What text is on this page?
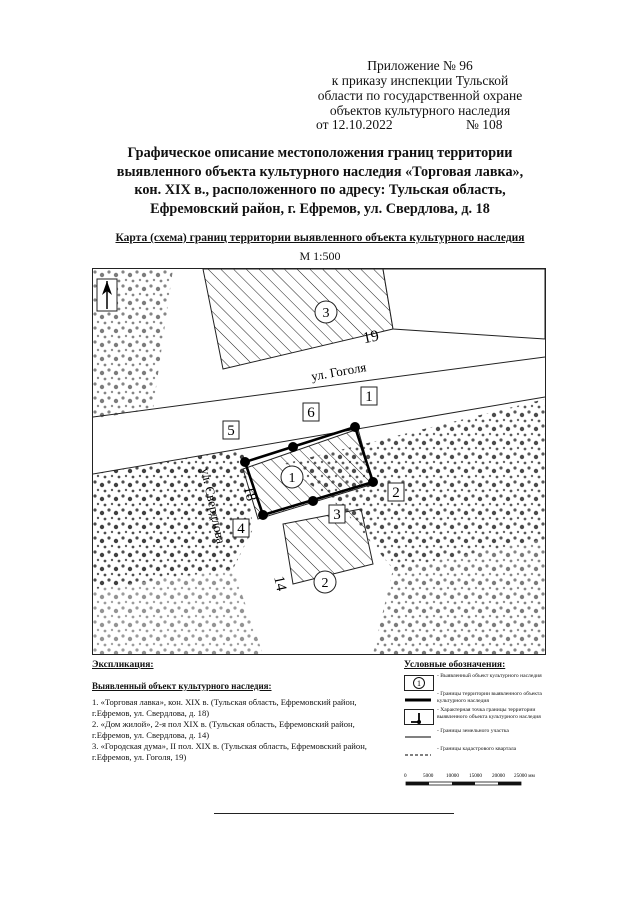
Приложение № 96
к приказу инспекции Тульской
области по государственной охране
объектов культурного наследия
от 12.10.2022	№ 108
Графическое описание местоположения границ территории
выявленного объекта культурного наследия «Торговая лавка»,
кон. XIX в., расположенного по адресу: Тульская область,
Ефремовский район, г. Ефремов, ул. Свердлова, д. 18
Карта (схема) границ территории выявленного объекта культурного наследия
М 1:500
3
1
2
1
2
3
4
5
6
ул. Гоголя
ул. Свердлова
19
18
14
Экспликация:
Выявленный объект культурного наследия:
1. «Торговая лавка», кон. XIX в. (Тульская область, Ефремовский район,
г.Ефремов, ул. Свердлова, д. 18)
2. «Дом жилой», 2-я пол XIX в. (Тульская область, Ефремовский район,
г.Ефремов, ул. Свердлова, д. 14)
3. «Городская дума», II пол. XIX в. (Тульская область, Ефремовский район,
г.Ефремов, ул. Гоголя, 19)
Условные обозначения:
1
- Выявленный объект культурного наследия
- Границы территории выявленного объекта культурного наследия
- Характерная точка границы территории выявленного объекта культурного наследия
- Границы земельного участка
- Границы кадастрового квартала
0	5000 10000 15000 20000 25000 мм
